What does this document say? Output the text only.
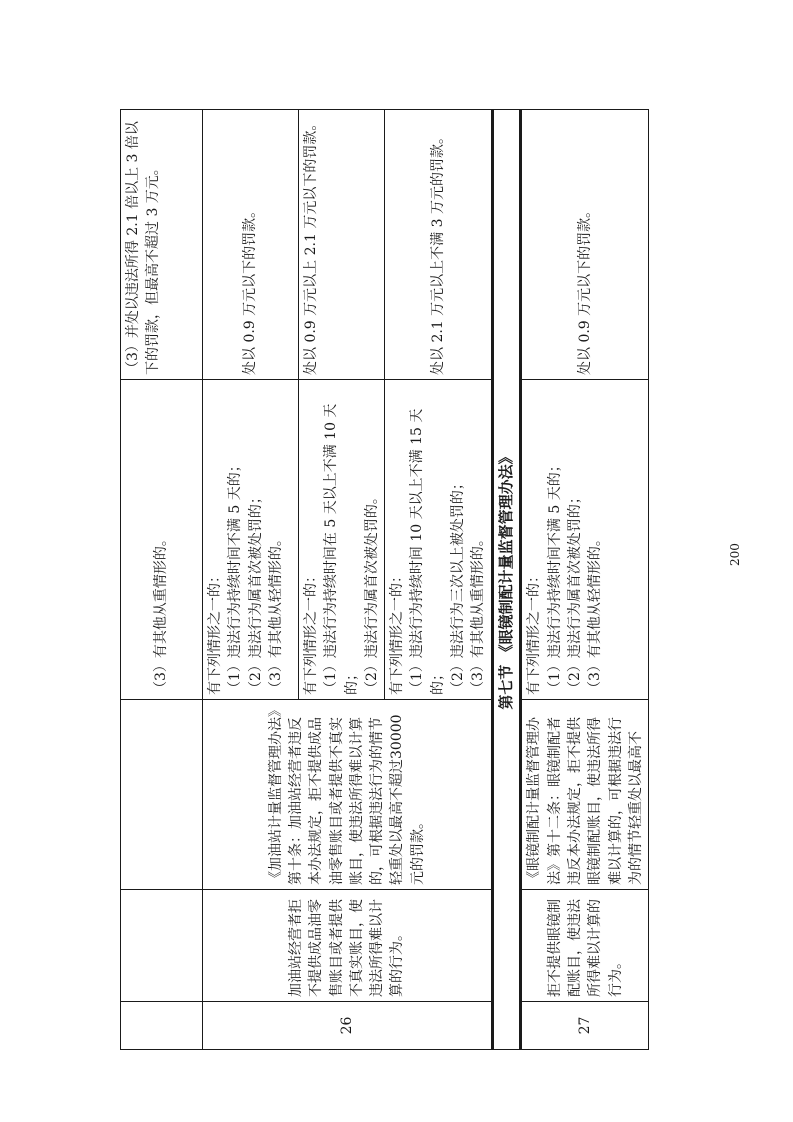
			（3）有其他从重情形的。	（3）并处以违法所得 2.1 倍以上 3 倍以下的罚款，但最高不超过 3 万元。
26	加油站经营者拒不提供成品油零售账目或者提供不真实账目，使违法所得难以计算的行为。	《加油站计量监督管理办法》第十条：加油站经营者违反本办法规定，拒不提供成品油零售账目或者提供不真实账目，使违法所得难以计算的，可根据违法行为的情节轻重处以最高不超过30000 元的罚款。	有下列情形之一的： （1）违法行为持续时间不满 5 天的； （2）违法行为属首次被处罚的； （3）有其他从轻情形的。	处以 0.9 万元以下的罚款。

			有下列情形之一的： （1）违法行为持续时间在 5 天以上不满 10 天的； （2）违法行为属首次被处罚的。	处以 0.9 万元以上 2.1 万元以下的罚款。

			有下列情形之一的： （1）违法行为持续时间 10 天以上不满 15 天的； （2）违法行为三次以上被处罚的； （3）有其他从重情形的。	处以 2.1 万元以上不满 3 万元的罚款。
第七节 《眼镜制配计量监督管理办法》				
27	拒不提供眼镜制配账目，使违法所得难以计算的行为。	《眼镜制配计量监督管理办法》第十二条：眼镜制配者违反本办法规定，拒不提供眼镜制配账目，使违法所得难以计算的，可根据违法行为的情节轻重处以最高不	有下列情形之一的： （1）违法行为持续时间不满 5 天的； （2）违法行为属首次被处罚的； （3）有其他从轻情形的。	处以 0.9 万元以下的罚款。
200
